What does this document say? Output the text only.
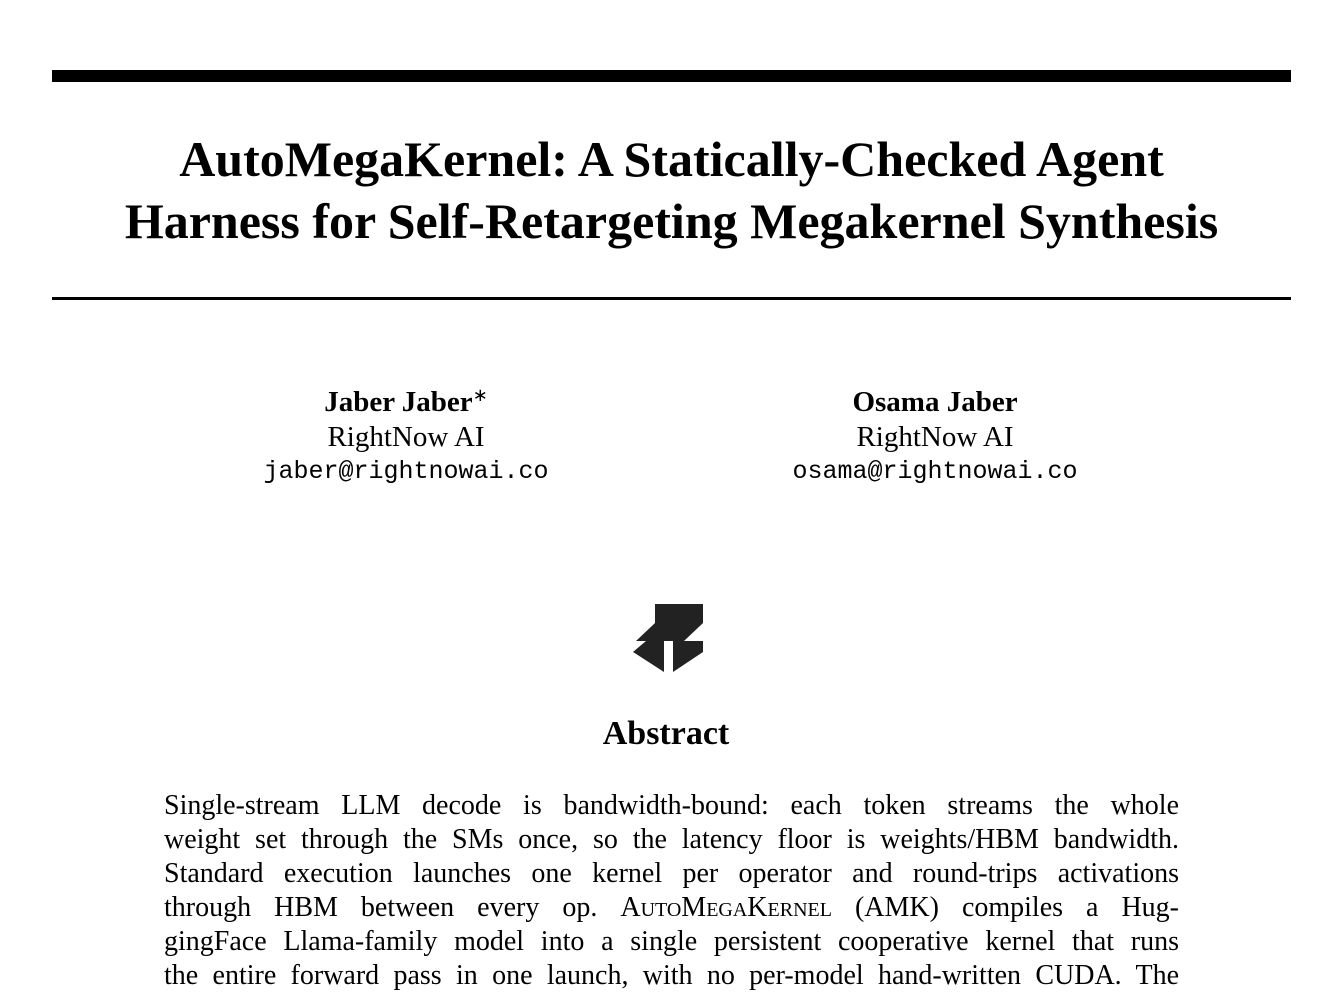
AutoMegaKernel: A Statically-Checked Agent
Harness for Self-Retargeting Megakernel Synthesis
Jaber Jaber∗
RightNow AI
jaber@rightnowai.co
Osama Jaber
RightNow AI
osama@rightnowai.co
Abstract
Single-stream LLM decode is bandwidth-bound: each token streams the whole
weight set through the SMs once, so the latency floor is weights/HBM bandwidth.
Standard execution launches one kernel per operator and round-trips activations
through HBM between every op. AutoMegaKernel (AMK) compiles a Hug-
gingFace Llama-family model into a single persistent cooperative kernel that runs
the entire forward pass in one launch, with no per-model hand-written CUDA. The
